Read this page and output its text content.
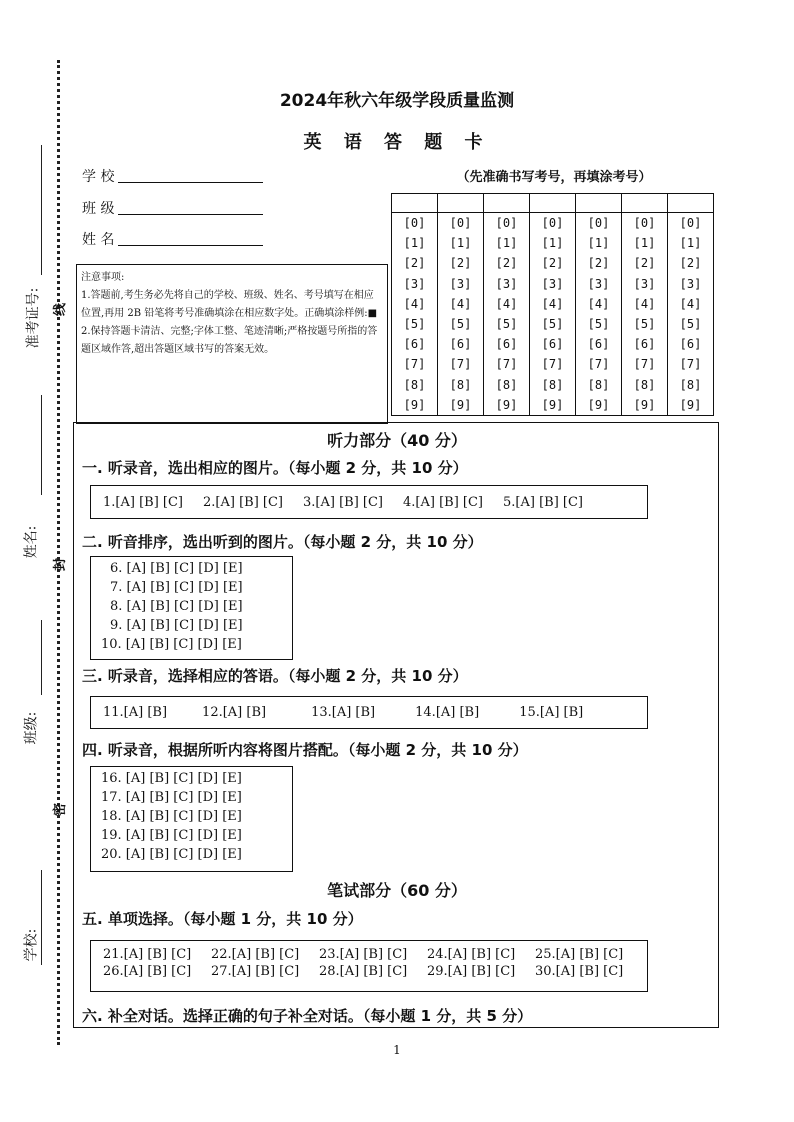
准考证号:
姓名:
班级:
学校:
线
封
密
2024年秋六年级学段质量监测
英 语 答 题 卡
学 校
班 级
姓 名
（先准确书写考号，再填涂考号）

[0]	[0]	[0]	[0]	[0]	[0]	[0]
[1]	[1]	[1]	[1]	[1]	[1]	[1]
[2]	[2]	[2]	[2]	[2]	[2]	[2]
[3]	[3]	[3]	[3]	[3]	[3]	[3]
[4]	[4]	[4]	[4]	[4]	[4]	[4]
[5]	[5]	[5]	[5]	[5]	[5]	[5]
[6]	[6]	[6]	[6]	[6]	[6]	[6]
[7]	[7]	[7]	[7]	[7]	[7]	[7]
[8]	[8]	[8]	[8]	[8]	[8]	[8]
[9]	[9]	[9]	[9]	[9]	[9]	[9]

注意事项:

1.答题前,考生务必先将自己的学校、班级、姓名、考号填写在相应位置,再用 2B 铅笔将考号准确填涂在相应数字处。正确填涂样例:■

2.保持答题卡清洁、完整;字体工整、笔迹清晰;严格按题号所指的答题区域作答,超出答题区域书写的答案无效。

听力部分（40 分）
一. 听录音，选出相应的图片。（每小题 2 分，共 10 分）
1.[A] [B] [C] 2.[A] [B] [C] 3.[A] [B] [C] 4.[A] [B] [C] 5.[A] [B] [C]
二. 听音排序，选出听到的图片。（每小题 2 分，共 10 分）
6. [A] [B] [C] [D] [E]
7. [A] [B] [C] [D] [E]
8. [A] [B] [C] [D] [E]
9. [A] [B] [C] [D] [E]
10. [A] [B] [C] [D] [E]
三. 听录音，选择相应的答语。（每小题 2 分，共 10 分）
11.[A] [B]	12.[A] [B]	13.[A] [B]	14.[A] [B]	15.[A] [B]
四. 听录音，根据所听内容将图片搭配。（每小题 2 分，共 10 分）
16. [A] [B] [C] [D] [E]
17. [A] [B] [C] [D] [E]
18. [A] [B] [C] [D] [E]
19. [A] [B] [C] [D] [E]
20. [A] [B] [C] [D] [E]
笔试部分（60 分）
五. 单项选择。（每小题 1 分，共 10 分）
21.[A] [B] [C]	22.[A] [B] [C]	23.[A] [B] [C]	24.[A] [B] [C]	25.[A] [B] [C]
26.[A] [B] [C]	27.[A] [B] [C]	28.[A] [B] [C]	29.[A] [B] [C]	30.[A] [B] [C]
六. 补全对话。选择正确的句子补全对话。（每小题 1 分，共 5 分）
1
